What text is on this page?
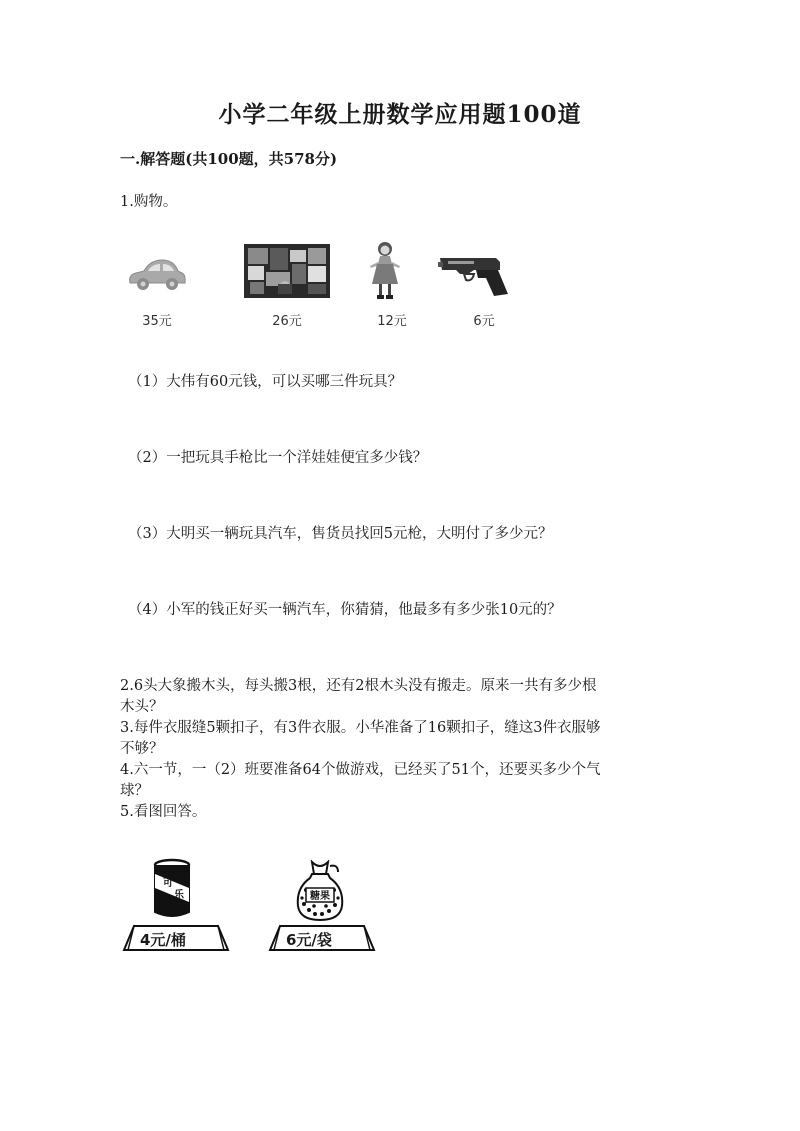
小学二年级上册数学应用题100道
一.解答题(共100题，共578分)
1.购物。
35元	26元	12元	6元
（1）大伟有60元钱，可以买哪三件玩具？
（2）一把玩具手枪比一个洋娃娃便宜多少钱？
（3）大明买一辆玩具汽车，售货员找回5元枪，大明付了多少元？
（4）小军的钱正好买一辆汽车，你猜猜，他最多有多少张10元的？
2.6头大象搬木头，每头搬3根，还有2根木头没有搬走。原来一共有多少根
木头？
3.每件衣服缝5颗扣子，有3件衣服。小华准备了16颗扣子，缝这3件衣服够
不够？
4.六一节，一（2）班要准备64个做游戏，已经买了51个，还要买多少个气
球？
5.看图回答。
可
乐	糖果
4元/桶	6元/袋
